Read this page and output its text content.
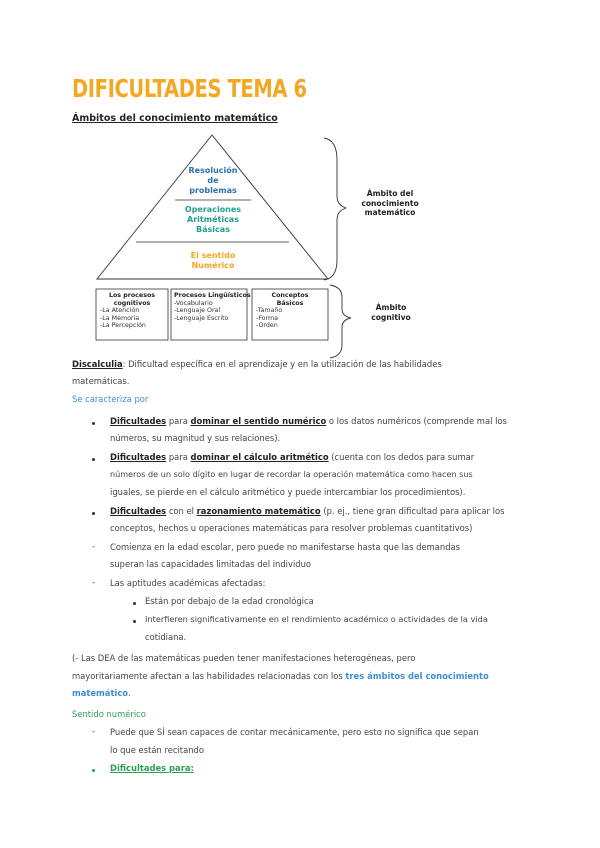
DIFICULTADES TEMA 6
Ámbitos del conocimiento matemático
Resolución
de
problemas
Operaciones
Aritméticas
Básicas
El sentido
Numérico
Los procesos
cognitivos
-La Atención
-La Memoria
-La Percepción
Procesos Lingüísticos
-Vocabulario
-Lenguaje Oral
-Lenguaje Escrito
Conceptos
Básicos
-Tamaño
-Forma
-Orden
Ámbito del
conocimiento
matemático
Ámbito
cognitivo
Discalculia: Dificultad específica en el aprendizaje y en la utilización de las habilidades
matemáticas.
Se caracteriza por
Dificultades para dominar el sentido numérico o los datos numéricos (comprende mal los
números, su magnitud y sus relaciones).
Dificultades para dominar el cálculo aritmético (cuenta con los dedos para sumar
números de un solo dígito en lugar de recordar la operación matemática como hacen sus
iguales, se pierde en el cálculo aritmético y puede intercambiar los procedimientos).
Dificultades con el razonamiento matemático (p. ej., tiene gran dificultad para aplicar los
conceptos, hechos u operaciones matemáticas para resolver problemas cuantitativos)
- Comienza en la edad escolar, pero puede no manifestarse hasta que las demandas
superan las capacidades limitadas del individuo
- Las aptitudes académicas afectadas:
Están por debajo de la edad cronológica
Interfieren significativamente en el rendimiento académico o actividades de la vida
cotidiana.
(- Las DEA de las matemáticas pueden tener manifestaciones heterogéneas, pero
mayoritariamente afectan a las habilidades relacionadas con los tres ámbitos del conocimiento
matemático.
Sentido numérico
- Puede que SÍ sean capaces de contar mecánicamente, pero esto no significa que sepan
lo que están recitando
Dificultades para:
